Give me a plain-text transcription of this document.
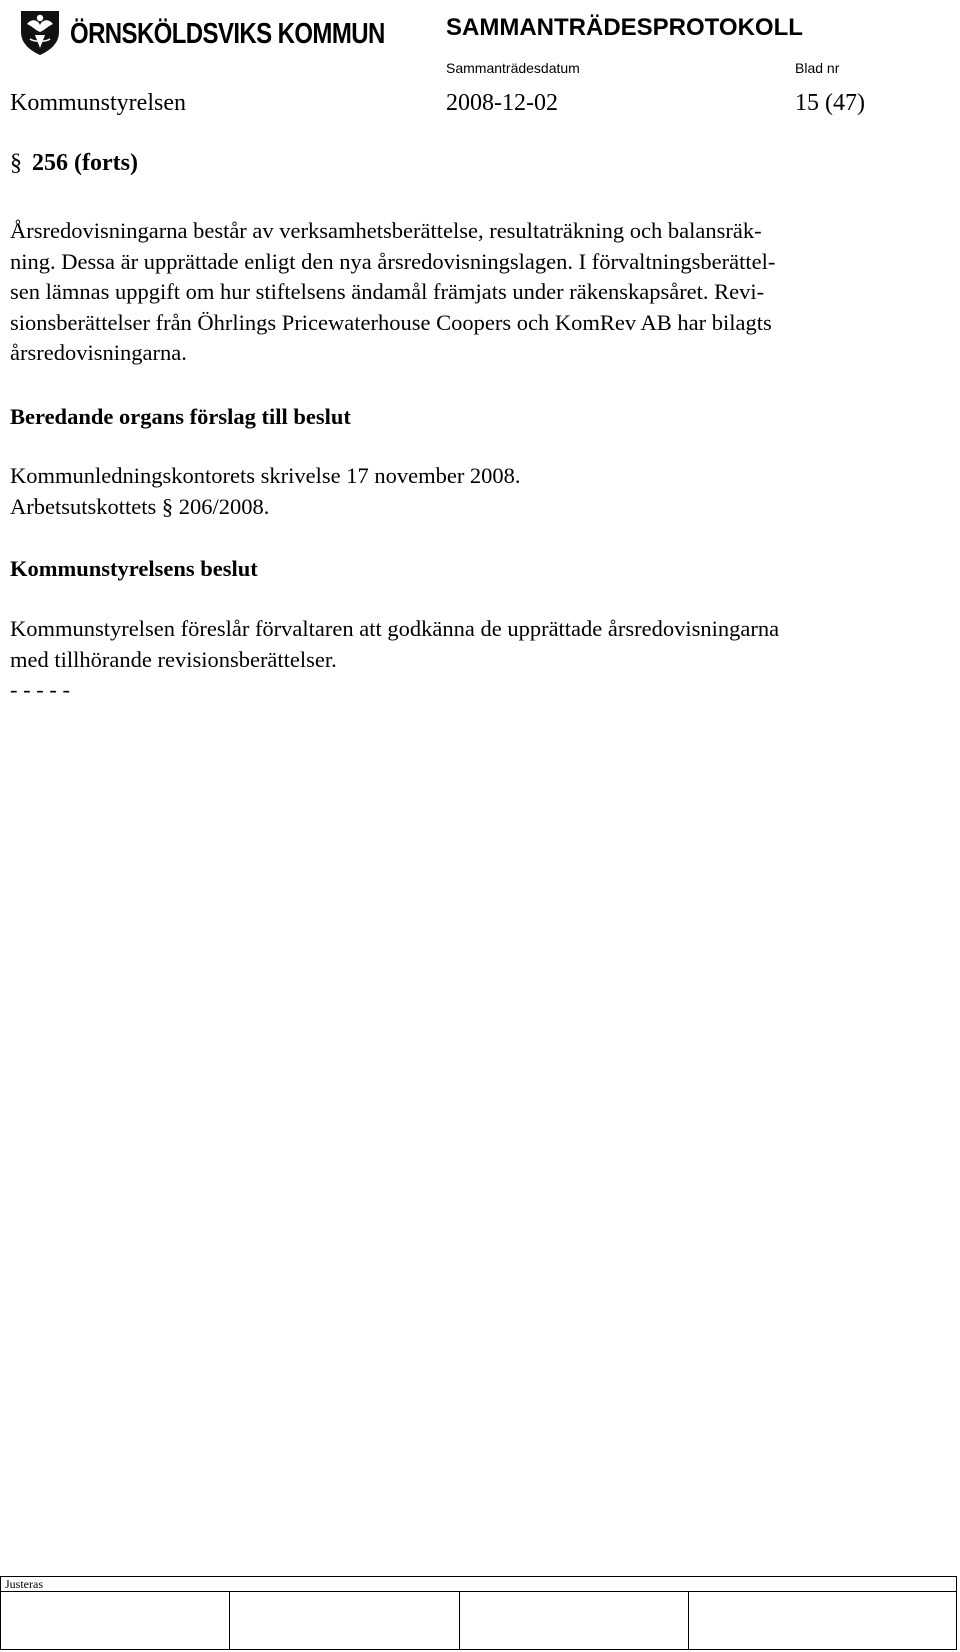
ÖRNSKÖLDSVIKS KOMMUN	SAMMANTRÄDESPROTOKOLL
Sammanträdesdatum	Blad nr
Kommunstyrelsen	2008-12-02	15 (47)
§ 256 (forts)
Årsredovisningarna består av verksamhetsberättelse, resultaträkning och balansräk-
ning. Dessa är upprättade enligt den nya årsredovisningslagen. I förvaltningsberättel-
sen lämnas uppgift om hur stiftelsens ändamål främjats under räkenskapsåret. Revi-
sionsberättelser från Öhrlings Pricewaterhouse Coopers och KomRev AB har bilagts
årsredovisningarna.
Beredande organs förslag till beslut
Kommunledningskontorets skrivelse 17 november 2008.
Arbetsutskottets § 206/2008.
Kommunstyrelsens beslut
Kommunstyrelsen föreslår förvaltaren att godkänna de upprättade årsredovisningarna
med tillhörande revisionsberättelser.
- - - - -
Justeras
